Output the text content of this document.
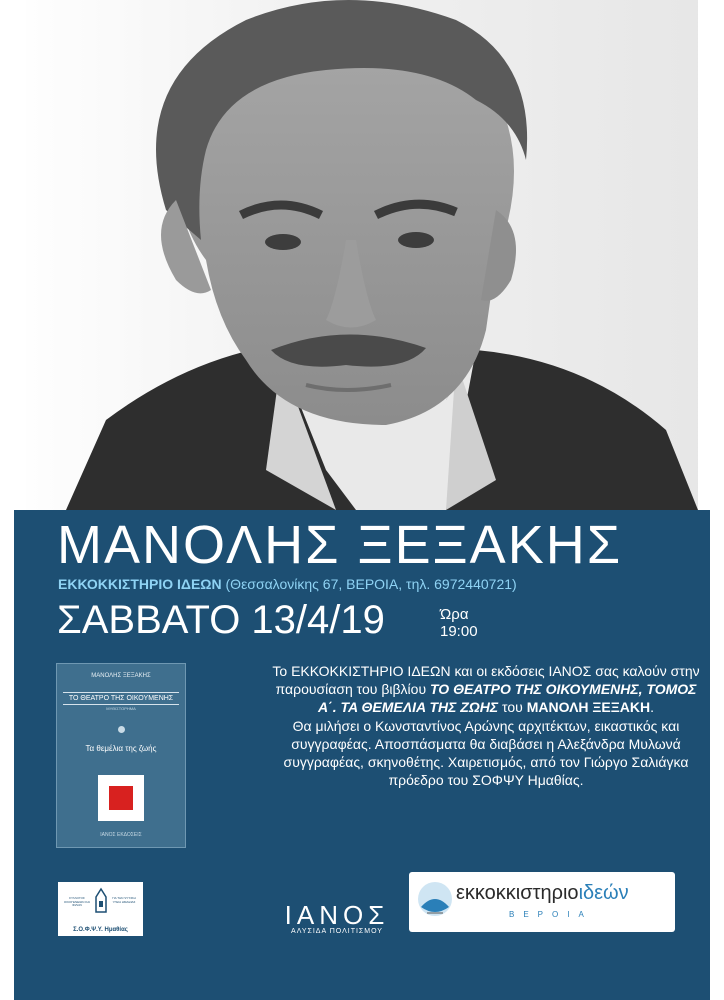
ΜΑΝΟΛΗΣ ΞΕΞΑΚΗΣ
ΕΚΚΟΚΚΙΣΤΗΡΙΟ ΙΔΕΩΝ (Θεσσαλονίκης 67, ΒΕΡΟΙΑ, τηλ. 6972440721)
ΣΑΒΒΑΤΟ 13/4/19	Ώρα
19:00
ΜΑΝΟΛΗΣ ΞΕΞΑΚΗΣ
ΤΟ ΘΕΑΤΡΟ ΤΗΣ ΟΙΚΟΥΜΕΝΗΣ
ΜΥΘΙΣΤΟΡΗΜΑ
Τα θεμέλια της ζωής
ΙΑΝΟΣ ΕΚΔΟΣΕΙΣ
Το ΕΚΚΟΚΚΙΣΤΗΡΙΟ ΙΔΕΩΝ και οι εκδόσεις ΙΑΝΟΣ σας καλούν στην παρουσίαση του βιβλίου ΤΟ ΘΕΑΤΡΟ ΤΗΣ ΟΙΚΟΥΜΕΝΗΣ, ΤΟΜΟΣ Α΄. ΤΑ ΘΕΜΕΛΙΑ ΤΗΣ ΖΩΗΣ του ΜΑΝΟΛΗ ΞΕΞΑΚΗ.
Θα μιλήσει ο Κωνσταντίνος Αρώνης αρχιτέκτων, εικαστικός και συγγραφέας. Αποσπάσματα θα διαβάσει η Αλεξάνδρα Μυλωνά συγγραφέας, σκηνοθέτης. Χαιρετισμός, από τον Γιώργο Σαλιάγκα πρόεδρο του ΣΟΦΨΥ Ημαθίας.
ΣΥΛΛΟΓΟΣ ΟΙΚΟΓΕΝΕΙΩΝ ΚΑΙ ΦΙΛΩΝ
ΓΙΑ ΤΗΝ ΨΥΧΙΚΗ ΥΓΕΙΑ ΗΜΑΘΙΑΣ
Σ.Ο.Φ.Ψ.Υ. Ημαθίας	ΙΑΝΟΣ
ΑΛΥΣΙΔΑ ΠΟΛΙΤΙΣΜΟΥ
εκκοκκιστηριοιδεών
ΒΕΡΟΙΑ
